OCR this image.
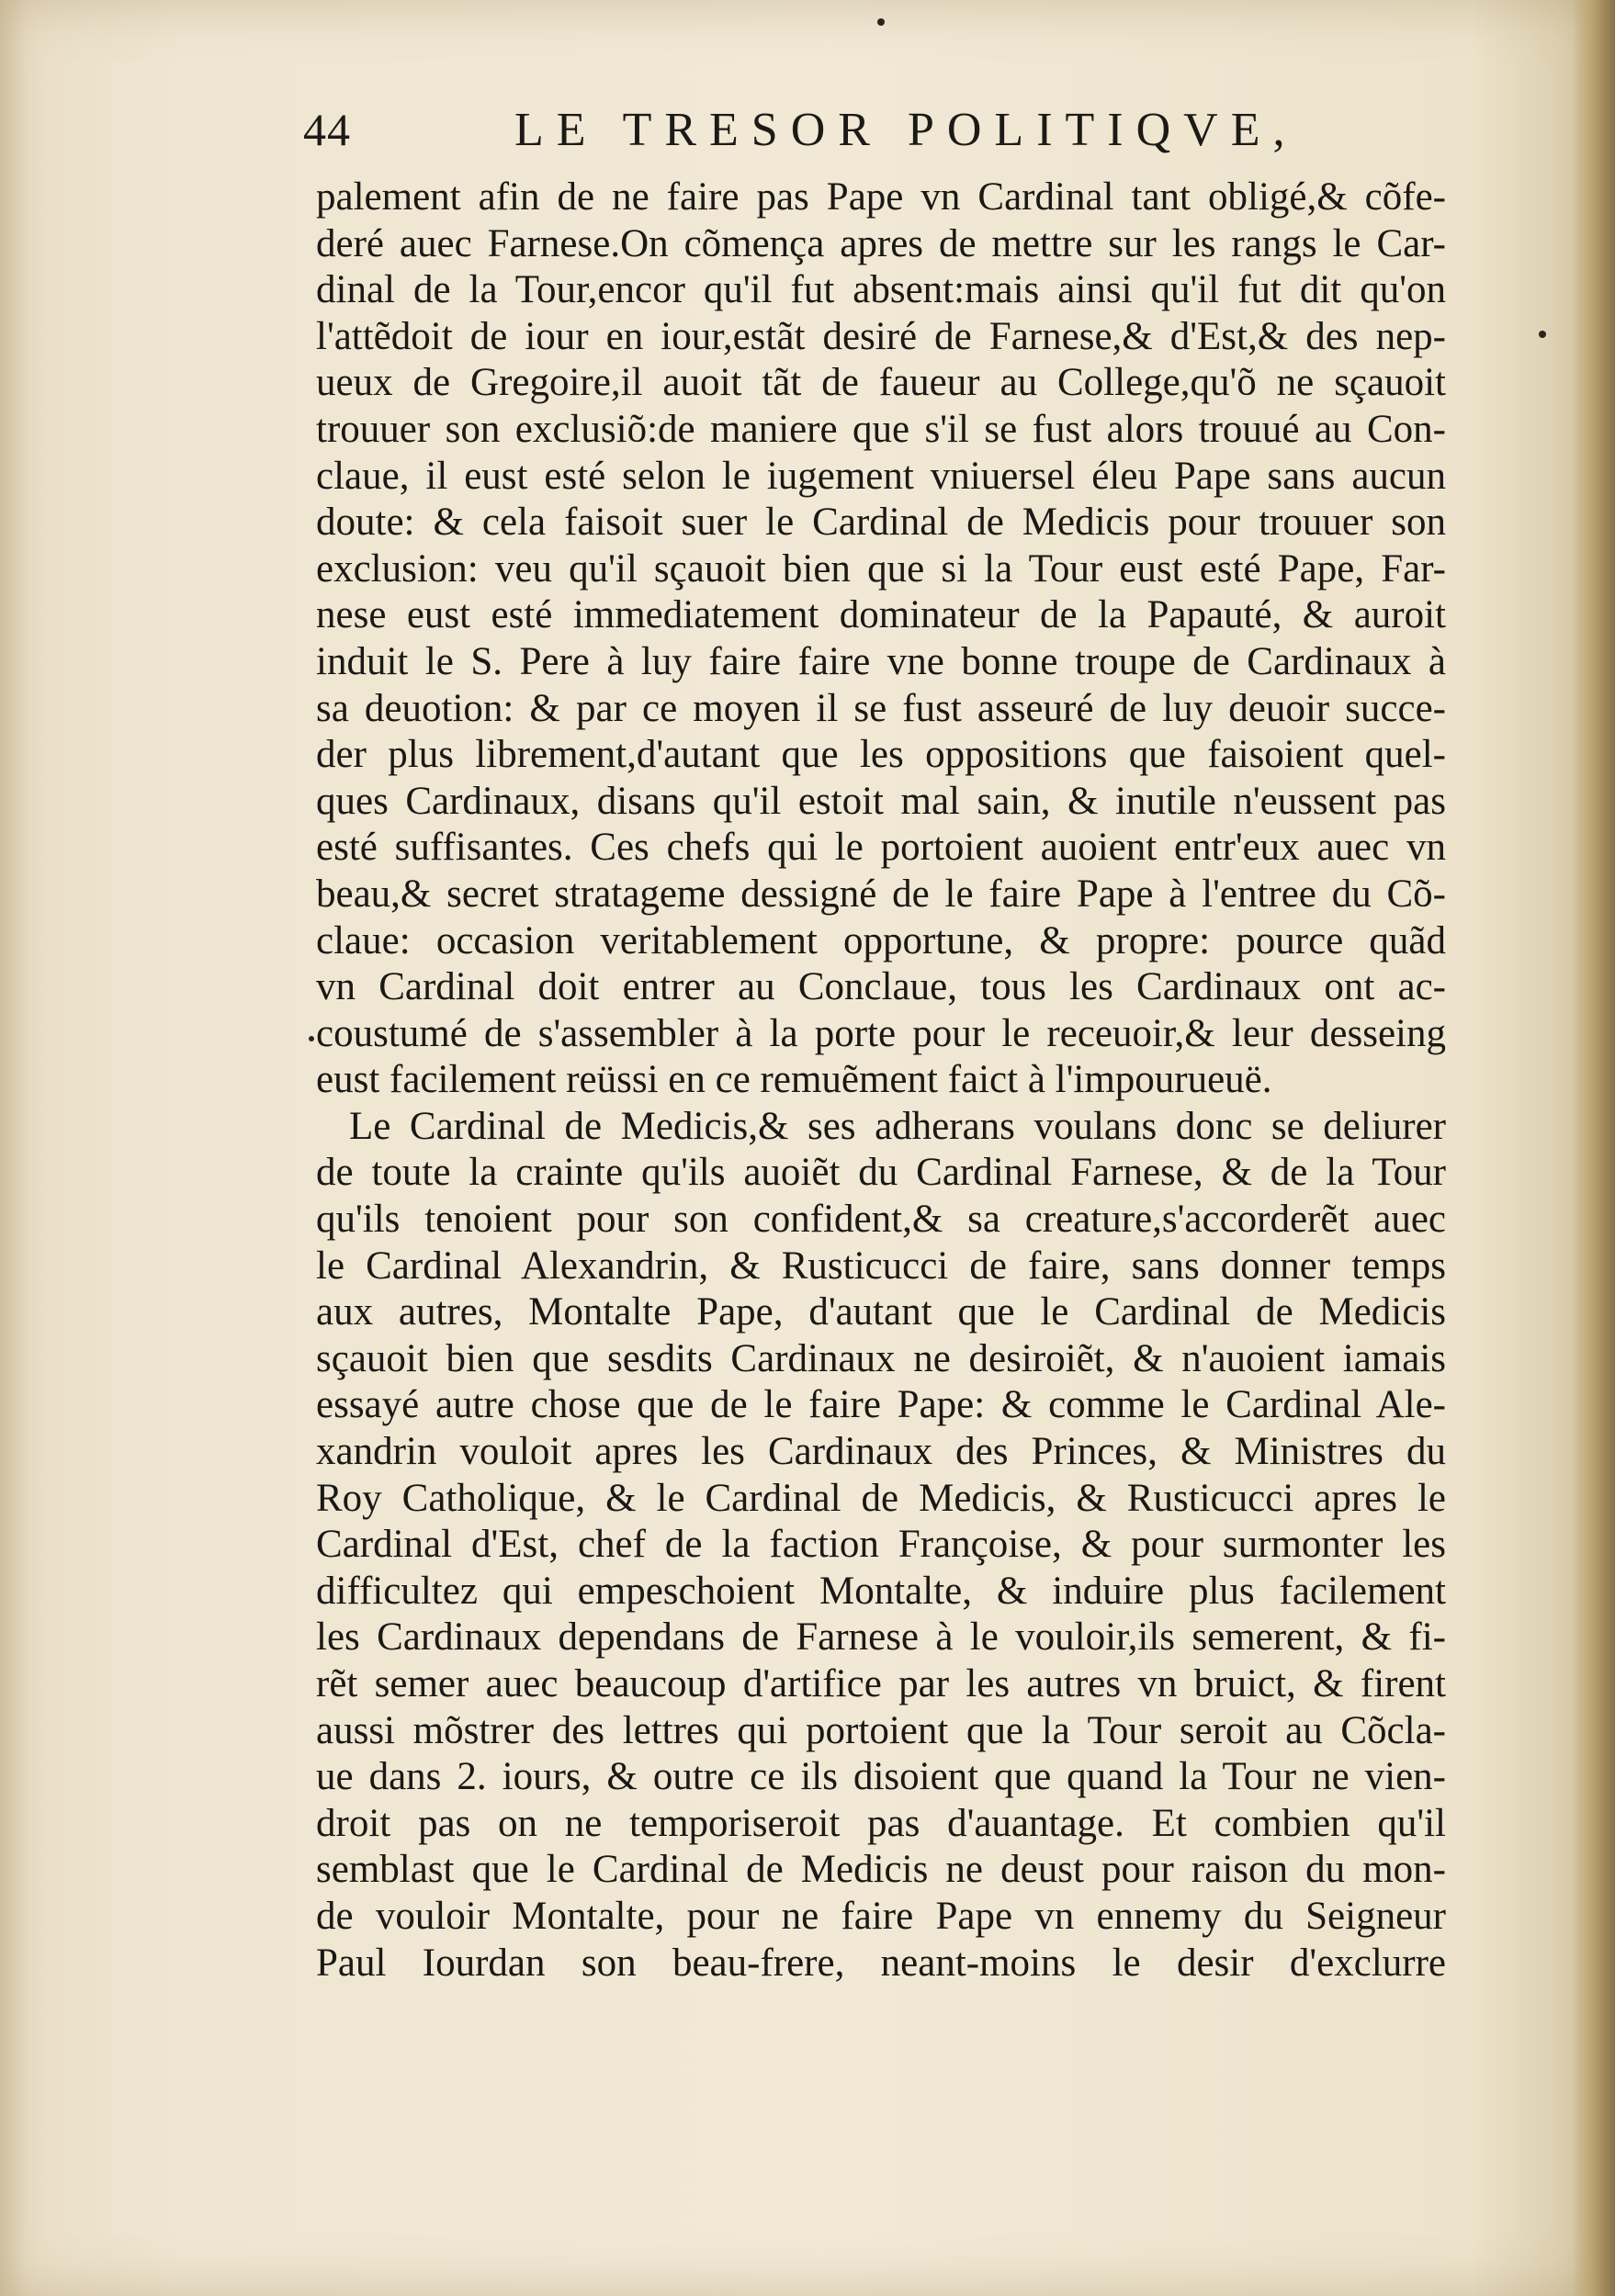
44	LE TRESOR POLITIQVE,
palement afin de ne faire pas Pape vn Cardinal tant obligé,& cõfe-
deré auec Farnese.On cõmença apres de mettre sur les rangs le Car-
dinal de la Tour,encor qu'il fut absent:mais ainsi qu'il fut dit qu'on
l'attẽdoit de iour en iour,estãt desiré de Farnese,& d'Est,& des nep-
ueux de Gregoire,il auoit tãt de faueur au College,qu'õ ne sçauoit
trouuer son exclusiõ:de maniere que s'il se fust alors trouué au Con-
claue, il eust esté selon le iugement vniuersel éleu Pape sans aucun
doute: & cela faisoit suer le Cardinal de Medicis pour trouuer son
exclusion: veu qu'il sçauoit bien que si la Tour eust esté Pape, Far-
nese eust esté immediatement dominateur de la Papauté, & auroit
induit le S. Pere à luy faire faire vne bonne troupe de Cardinaux à
sa deuotion: & par ce moyen il se fust asseuré de luy deuoir succe-
der plus librement,d'autant que les oppositions que faisoient quel-
ques Cardinaux, disans qu'il estoit mal sain, & inutile n'eussent pas
esté suffisantes. Ces chefs qui le portoient auoient entr'eux auec vn
beau,& secret stratageme dessigné de le faire Pape à l'entree du Cõ-
claue: occasion veritablement opportune, & propre: pource quãd
vn Cardinal doit entrer au Conclaue, tous les Cardinaux ont ac-
coustumé de s'assembler à la porte pour le receuoir,& leur desseing
eust facilement reüssi en ce remuẽment faict à l'impourueuë.
Le Cardinal de Medicis,& ses adherans voulans donc se deliurer
de toute la crainte qu'ils auoiẽt du Cardinal Farnese, & de la Tour
qu'ils tenoient pour son confident,& sa creature,s'accorderẽt auec
le Cardinal Alexandrin, & Rusticucci de faire, sans donner temps
aux autres, Montalte Pape, d'autant que le Cardinal de Medicis
sçauoit bien que sesdits Cardinaux ne desiroiẽt, & n'auoient iamais
essayé autre chose que de le faire Pape: & comme le Cardinal Ale-
xandrin vouloit apres les Cardinaux des Princes, & Ministres du
Roy Catholique, & le Cardinal de Medicis, & Rusticucci apres le
Cardinal d'Est, chef de la faction Françoise, & pour surmonter les
difficultez qui empeschoient Montalte, & induire plus facilement
les Cardinaux dependans de Farnese à le vouloir,ils semerent, & fi-
rẽt semer auec beaucoup d'artifice par les autres vn bruict, & firent
aussi mõstrer des lettres qui portoient que la Tour seroit au Cõcla-
ue dans 2. iours, & outre ce ils disoient que quand la Tour ne vien-
droit pas on ne temporiseroit pas d'auantage. Et combien qu'il
semblast que le Cardinal de Medicis ne deust pour raison du mon-
de vouloir Montalte, pour ne faire Pape vn ennemy du Seigneur
Paul Iourdan son beau-frere, neant-moins le desir d'exclurre
